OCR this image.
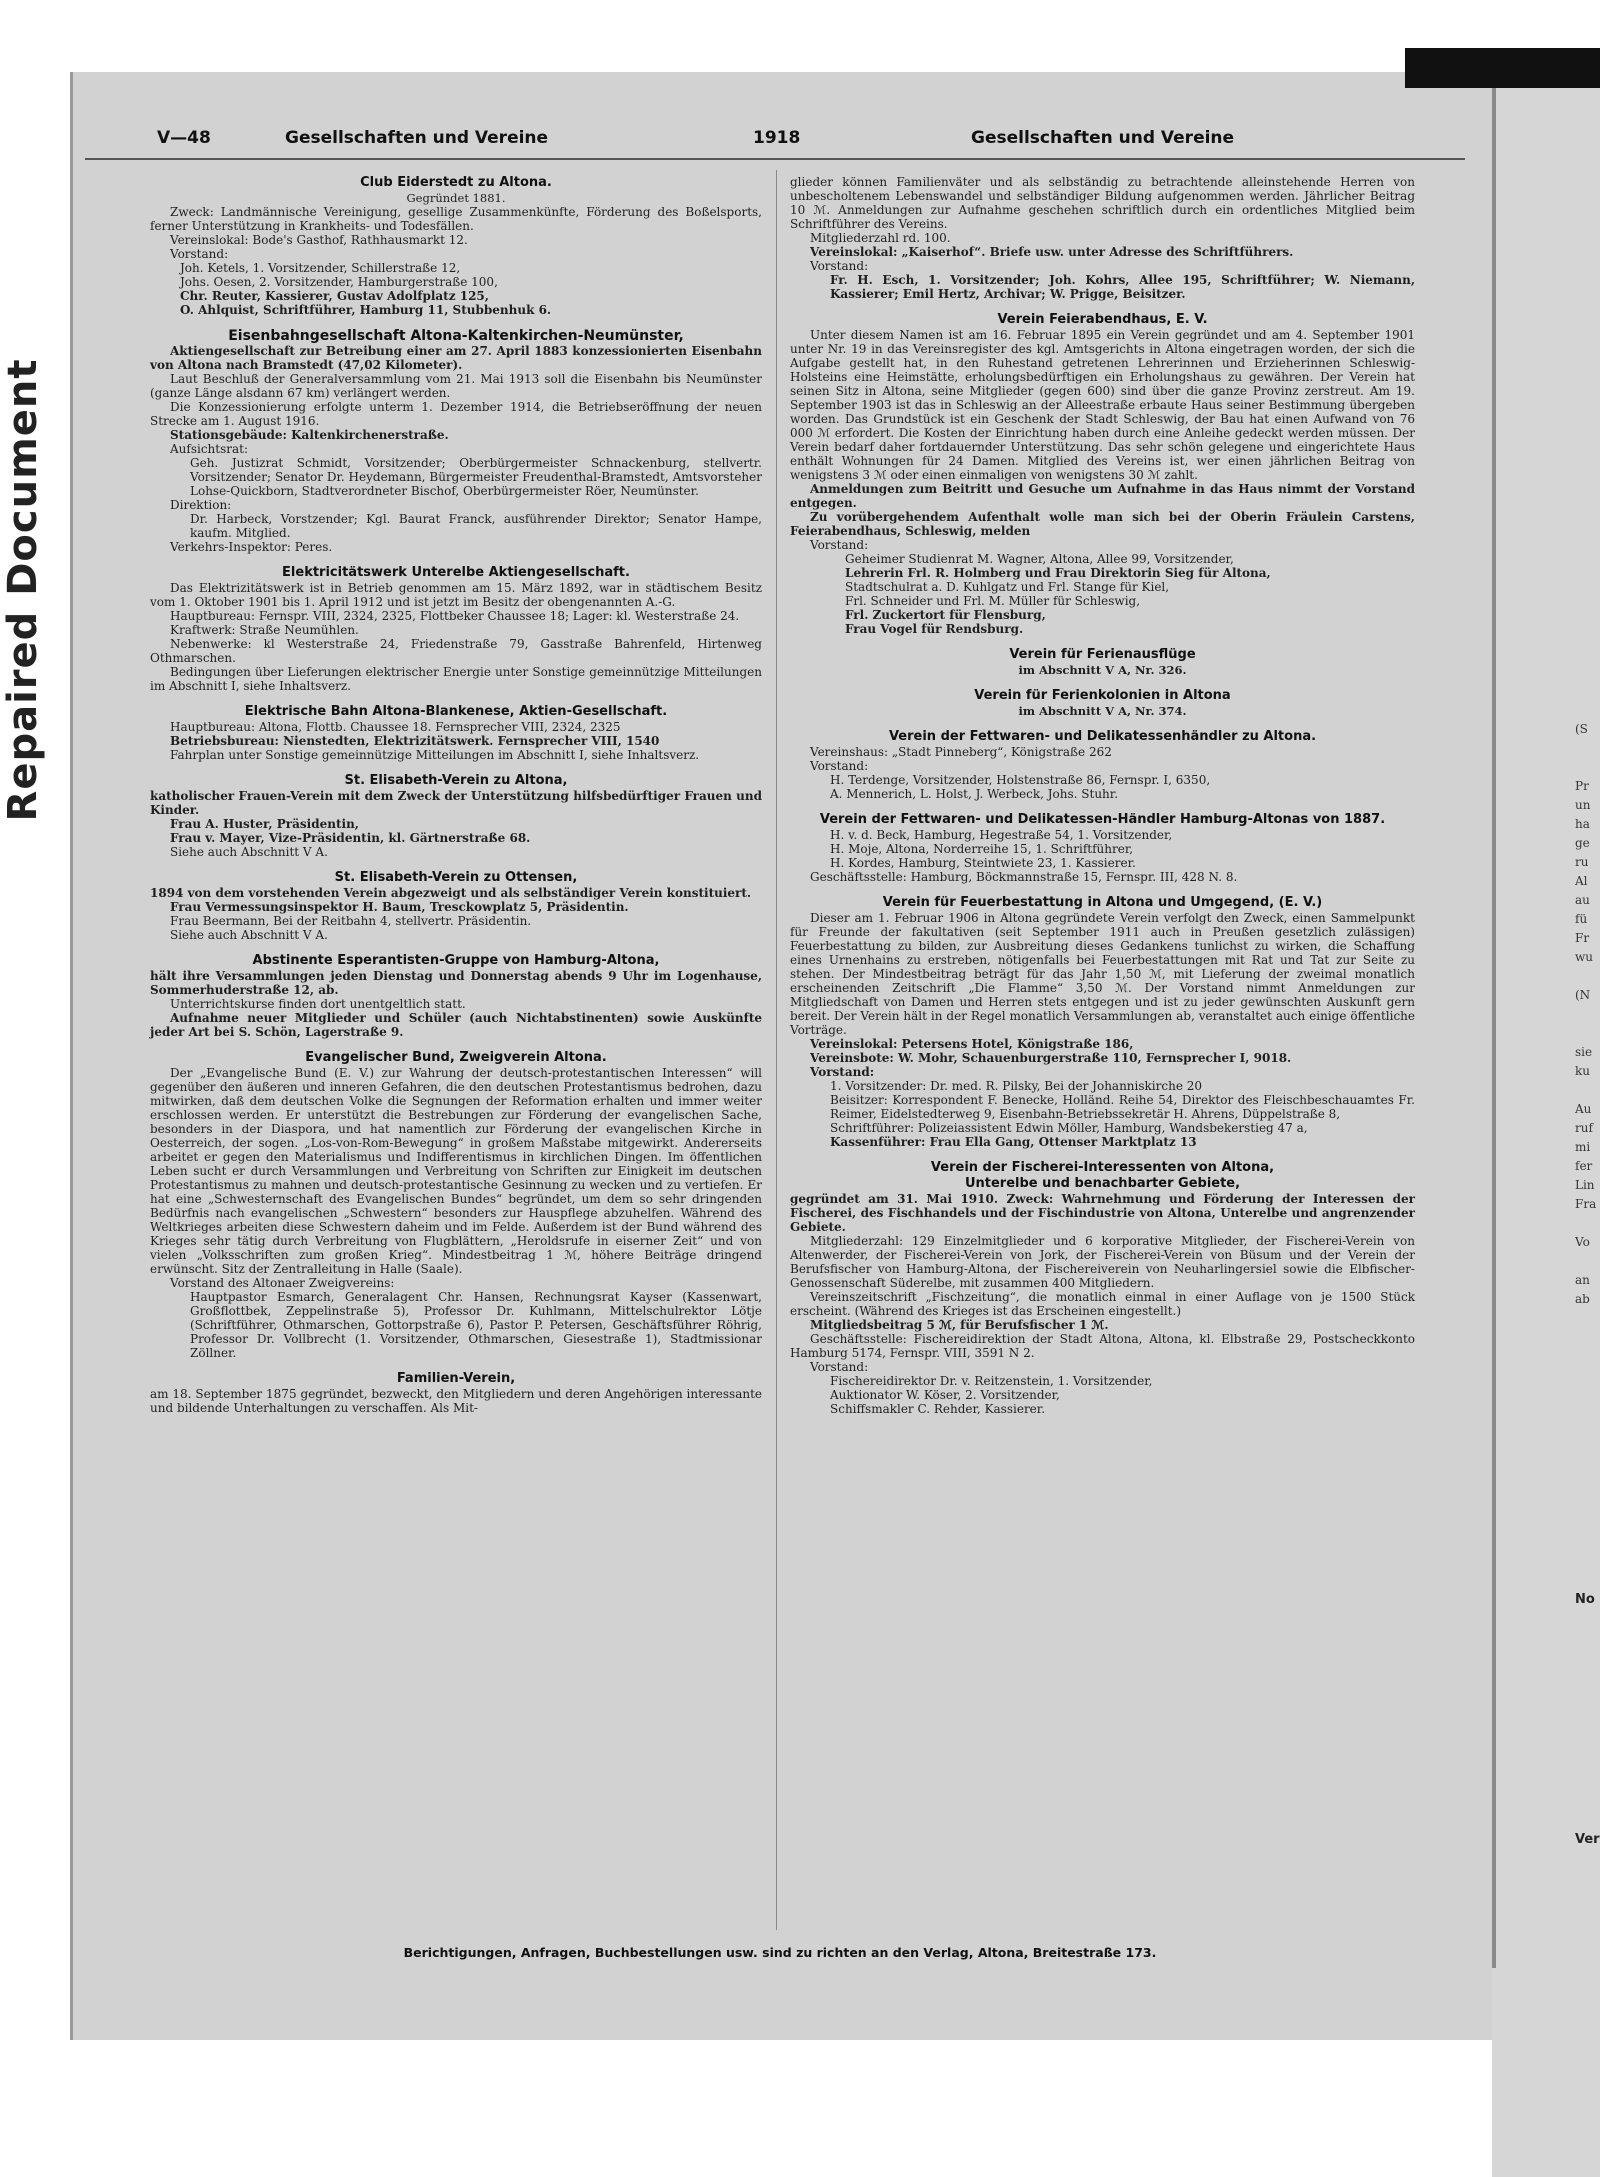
Repaired Document	(S
Pr
un
ha
ge
ru
Al
au
fü
Fr
wu
(N
sie
ku
Au
ruf
mi
fer
Lin
Fra
Vo
an
ab
No
Ver
V—48	Gesellschaften und Vereine	1918	Gesellschaften und Vereine
Club Eiderstedt zu Altona.
Gegründet 1881.

Zweck: Landmännische Vereinigung, gesellige Zusammenkünfte, Förderung des Boßelsports, ferner Unterstützung in Krankheits- und Todesfällen.

Vereinslokal: Bode's Gasthof, Rathhausmarkt 12.

Vorstand:

Joh. Ketels, 1. Vorsitzender, Schillerstraße 12,

Johs. Oesen, 2. Vorsitzender, Hamburgerstraße 100,

Chr. Reuter, Kassierer, Gustav Adolfplatz 125,

O. Ahlquist, Schriftführer, Hamburg 11, Stubbenhuk 6.

Eisenbahngesellschaft Altona-Kaltenkirchen-Neumünster,

Aktiengesellschaft zur Betreibung einer am 27. April 1883 konzessionierten Eisenbahn von Altona nach Bramstedt (47,02 Kilometer).

Laut Beschluß der Generalversammlung vom 21. Mai 1913 soll die Eisenbahn bis Neumünster (ganze Länge alsdann 67 km) verlängert werden.

Die Konzessionierung erfolgte unterm 1. Dezember 1914, die Betriebseröffnung der neuen Strecke am 1. August 1916.

Stationsgebäude: Kaltenkirchenerstraße.

Aufsichtsrat:

Geh. Justizrat Schmidt, Vorsitzender; Oberbürgermeister Schnackenburg, stellvertr. Vorsitzender; Senator Dr. Heydemann, Bürgermeister Freudenthal-Bramstedt, Amtsvorsteher Lohse-Quickborn, Stadtverordneter Bischof, Oberbürgermeister Röer, Neumünster.

Direktion:

Dr. Harbeck, Vorstzender; Kgl. Baurat Franck, ausführender Direktor; Senator Hampe, kaufm. Mitglied.

Verkehrs-Inspektor: Peres.

Elektricitätswerk Unterelbe Aktiengesellschaft.

Das Elektrizitätswerk ist in Betrieb genommen am 15. März 1892, war in städtischem Besitz vom 1. Oktober 1901 bis 1. April 1912 und ist jetzt im Besitz der obengenannten A.-G.

Hauptbureau: Fernspr. VIII, 2324, 2325, Flottbeker Chaussee 18; Lager: kl. Westerstraße 24.

Kraftwerk: Straße Neumühlen.

Nebenwerke: kl Westerstraße 24, Friedenstraße 79, Gasstraße Bahrenfeld, Hirtenweg Othmarschen.

Bedingungen über Lieferungen elektrischer Energie unter Sonstige gemeinnützige Mitteilungen im Abschnitt I, siehe Inhaltsverz.

Elektrische Bahn Altona-Blankenese, Aktien-Gesellschaft.

Hauptbureau: Altona, Flottb. Chaussee 18. Fernsprecher VIII, 2324, 2325

Betriebsbureau: Nienstedten, Elektrizitätswerk. Fernsprecher VIII, 1540

Fahrplan unter Sonstige gemeinnützige Mitteilungen im Abschnitt I, siehe Inhaltsverz.

St. Elisabeth-Verein zu Altona,

katholischer Frauen-Verein mit dem Zweck der Unterstützung hilfsbedürftiger Frauen und Kinder.

Frau A. Huster, Präsidentin,

Frau v. Mayer, Vize-Präsidentin, kl. Gärtnerstraße 68.

Siehe auch Abschnitt V A.

St. Elisabeth-Verein zu Ottensen,

1894 von dem vorstehenden Verein abgezweigt und als selbständiger Verein konstituiert.

Frau Vermessungsinspektor H. Baum, Tresckowplatz 5, Präsidentin.

Frau Beermann, Bei der Reitbahn 4, stellvertr. Präsidentin.

Siehe auch Abschnitt V A.

Abstinente Esperantisten-Gruppe von Hamburg-Altona,

hält ihre Versammlungen jeden Dienstag und Donnerstag abends 9 Uhr im Logenhause, Sommerhuderstraße 12, ab.

Unterrichtskurse finden dort unentgeltlich statt.

Aufnahme neuer Mitglieder und Schüler (auch Nichtabstinenten) sowie Auskünfte jeder Art bei S. Schön, Lagerstraße 9.

Evangelischer Bund, Zweigverein Altona.

Der „Evangelische Bund (E. V.) zur Wahrung der deutsch-protestantischen Interessen“ will gegenüber den äußeren und inneren Gefahren, die den deutschen Protestantismus bedrohen, dazu mitwirken, daß dem deutschen Volke die Segnungen der Reformation erhalten und immer weiter erschlossen werden. Er unterstützt die Bestrebungen zur Förderung der evangelischen Sache, besonders in der Diaspora, und hat namentlich zur Förderung der evangelischen Kirche in Oesterreich, der sogen. „Los-von-Rom-Bewegung“ in großem Maßstabe mitgewirkt. Andererseits arbeitet er gegen den Materialismus und Indifferentismus in kirchlichen Dingen. Im öffentlichen Leben sucht er durch Versammlungen und Verbreitung von Schriften zur Einigkeit im deutschen Protestantismus zu mahnen und deutsch-protestantische Gesinnung zu wecken und zu vertiefen. Er hat eine „Schwesternschaft des Evangelischen Bundes“ begründet, um dem so sehr dringenden Bedürfnis nach evangelischen „Schwestern“ besonders zur Hauspflege abzuhelfen. Während des Weltkrieges arbeiten diese Schwestern daheim und im Felde. Außerdem ist der Bund während des Krieges sehr tätig durch Verbreitung von Flugblättern, „Heroldsrufe in eiserner Zeit“ und von vielen „Volksschriften zum großen Krieg“. Mindestbeitrag 1 ℳ, höhere Beiträge dringend erwünscht. Sitz der Zentralleitung in Halle (Saale).

Vorstand des Altonaer Zweigvereins:

Hauptpastor Esmarch, Generalagent Chr. Hansen, Rechnungsrat Kayser (Kassenwart, Großflottbek, Zeppelinstraße 5), Professor Dr. Kuhlmann, Mittelschulrektor Lötje (Schriftführer, Othmarschen, Gottorpstraße 6), Pastor P. Petersen, Geschäftsführer Röhrig, Professor Dr. Vollbrecht (1. Vorsitzender, Othmarschen, Giesestraße 1), Stadtmissionar Zöllner.

Familien-Verein,

am 18. September 1875 gegründet, bezweckt, den Mitgliedern und deren Angehörigen interessante und bildende Unterhaltungen zu verschaffen. Als Mit-

glieder können Familienväter und als selbständig zu betrachtende alleinstehende Herren von unbescholtenem Lebenswandel und selbständiger Bildung aufgenommen werden. Jährlicher Beitrag 10 ℳ. Anmeldungen zur Aufnahme geschehen schriftlich durch ein ordentliches Mitglied beim Schriftführer des Vereins.

Mitgliederzahl rd. 100.

Vereinslokal: „Kaiserhof“. Briefe usw. unter Adresse des Schriftführers.

Vorstand:

Fr. H. Esch, 1. Vorsitzender; Joh. Kohrs, Allee 195, Schriftführer; W. Niemann, Kassierer; Emil Hertz, Archivar; W. Prigge, Beisitzer.

Verein Feierabendhaus, E. V.

Unter diesem Namen ist am 16. Februar 1895 ein Verein gegründet und am 4. September 1901 unter Nr. 19 in das Vereinsregister des kgl. Amtsgerichts in Altona eingetragen worden, der sich die Aufgabe gestellt hat, in den Ruhestand getretenen Lehrerinnen und Erzieherinnen Schleswig-Holsteins eine Heimstätte, erholungsbedürftigen ein Erholungshaus zu gewähren. Der Verein hat seinen Sitz in Altona, seine Mitglieder (gegen 600) sind über die ganze Provinz zerstreut. Am 19. September 1903 ist das in Schleswig an der Alleestraße erbaute Haus seiner Bestimmung übergeben worden. Das Grundstück ist ein Geschenk der Stadt Schleswig, der Bau hat einen Aufwand von 76 000 ℳ erfordert. Die Kosten der Einrichtung haben durch eine Anleihe gedeckt werden müssen. Der Verein bedarf daher fortdauernder Unterstützung. Das sehr schön gelegene und eingerichtete Haus enthält Wohnungen für 24 Damen. Mitglied des Vereins ist, wer einen jährlichen Beitrag von wenigstens 3 ℳ oder einen einmaligen von wenigstens 30 ℳ zahlt.

Anmeldungen zum Beitritt und Gesuche um Aufnahme in das Haus nimmt der Vorstand entgegen.

Zu vorübergehendem Aufenthalt wolle man sich bei der Oberin Fräulein Carstens, Feierabendhaus, Schleswig, melden

Vorstand:

Geheimer Studienrat M. Wagner, Altona, Allee 99, Vorsitzender,

Lehrerin Frl. R. Holmberg und Frau Direktorin Sieg für Altona,

Stadtschulrat a. D. Kuhlgatz und Frl. Stange für Kiel,

Frl. Schneider und Frl. M. Müller für Schleswig,

Frl. Zuckertort für Flensburg,

Frau Vogel für Rendsburg.

Verein für Ferienausflüge
im Abschnitt V A, Nr. 326.
Verein für Ferienkolonien in Altona
im Abschnitt V A, Nr. 374.
Verein der Fettwaren- und Delikatessenhändler zu Altona.

Vereinshaus: „Stadt Pinneberg“, Königstraße 262

Vorstand:

H. Terdenge, Vorsitzender, Holstenstraße 86, Fernspr. I, 6350,

A. Mennerich, L. Holst, J. Werbeck, Johs. Stuhr.

Verein der Fettwaren- und Delikatessen-Händler Hamburg-Altonas von 1887.

H. v. d. Beck, Hamburg, Hegestraße 54, 1. Vorsitzender,

H. Moje, Altona, Norderreihe 15, 1. Schriftführer,

H. Kordes, Hamburg, Steintwiete 23, 1. Kassierer.

Geschäftsstelle: Hamburg, Böckmannstraße 15, Fernspr. III, 428 N. 8.

Verein für Feuerbestattung in Altona und Umgegend, (E. V.)

Dieser am 1. Februar 1906 in Altona gegründete Verein verfolgt den Zweck, einen Sammelpunkt für Freunde der fakultativen (seit September 1911 auch in Preußen gesetzlich zulässigen) Feuerbestattung zu bilden, zur Ausbreitung dieses Gedankens tunlichst zu wirken, die Schaffung eines Urnenhains zu erstreben, nötigenfalls bei Feuerbestattungen mit Rat und Tat zur Seite zu stehen. Der Mindestbeitrag beträgt für das Jahr 1,50 ℳ, mit Lieferung der zweimal monatlich erscheinenden Zeitschrift „Die Flamme“ 3,50 ℳ. Der Vorstand nimmt Anmeldungen zur Mitgliedschaft von Damen und Herren stets entgegen und ist zu jeder gewünschten Auskunft gern bereit. Der Verein hält in der Regel monatlich Versammlungen ab, veranstaltet auch einige öffentliche Vorträge.

Vereinslokal: Petersens Hotel, Königstraße 186,

Vereinsbote: W. Mohr, Schauenburgerstraße 110, Fernsprecher I, 9018.

Vorstand:

1. Vorsitzender: Dr. med. R. Pilsky, Bei der Johanniskirche 20

Beisitzer: Korrespondent F. Benecke, Holländ. Reihe 54, Direktor des Fleischbeschauamtes Fr. Reimer, Eidelstedterweg 9, Eisenbahn-Betriebssekretär H. Ahrens, Düppelstraße 8,

Schriftführer: Polizeiassistent Edwin Möller, Hamburg, Wandsbekerstieg 47 a,

Kassenführer: Frau Ella Gang, Ottenser Marktplatz 13

Verein der Fischerei-Interessenten von Altona,
Unterelbe und benachbarter Gebiete,

gegründet am 31. Mai 1910. Zweck: Wahrnehmung und Förderung der Interessen der Fischerei, des Fischhandels und der Fischindustrie von Altona, Unterelbe und angrenzender Gebiete.

Mitgliederzahl: 129 Einzelmitglieder und 6 korporative Mitglieder, der Fischerei-Verein von Altenwerder, der Fischerei-Verein von Jork, der Fischerei-Verein von Büsum und der Verein der Berufsfischer von Hamburg-Altona, der Fischereiverein von Neuharlingersiel sowie die Elbfischer-Genossenschaft Süderelbe, mit zusammen 400 Mitgliedern.

Vereinszeitschrift „Fischzeitung“, die monatlich einmal in einer Auflage von je 1500 Stück erscheint. (Während des Krieges ist das Erscheinen eingestellt.)

Mitgliedsbeitrag 5 ℳ, für Berufsfischer 1 ℳ.

Geschäftsstelle: Fischereidirektion der Stadt Altona, Altona, kl. Elbstraße 29, Postscheckkonto Hamburg 5174, Fernspr. VIII, 3591 N 2.

Vorstand:

Fischereidirektor Dr. v. Reitzenstein, 1. Vorsitzender,

Auktionator W. Köser, 2. Vorsitzender,

Schiffsmakler C. Rehder, Kassierer.

Berichtigungen, Anfragen, Buchbestellungen usw. sind zu richten an den Verlag, Altona, Breitestraße 173.
